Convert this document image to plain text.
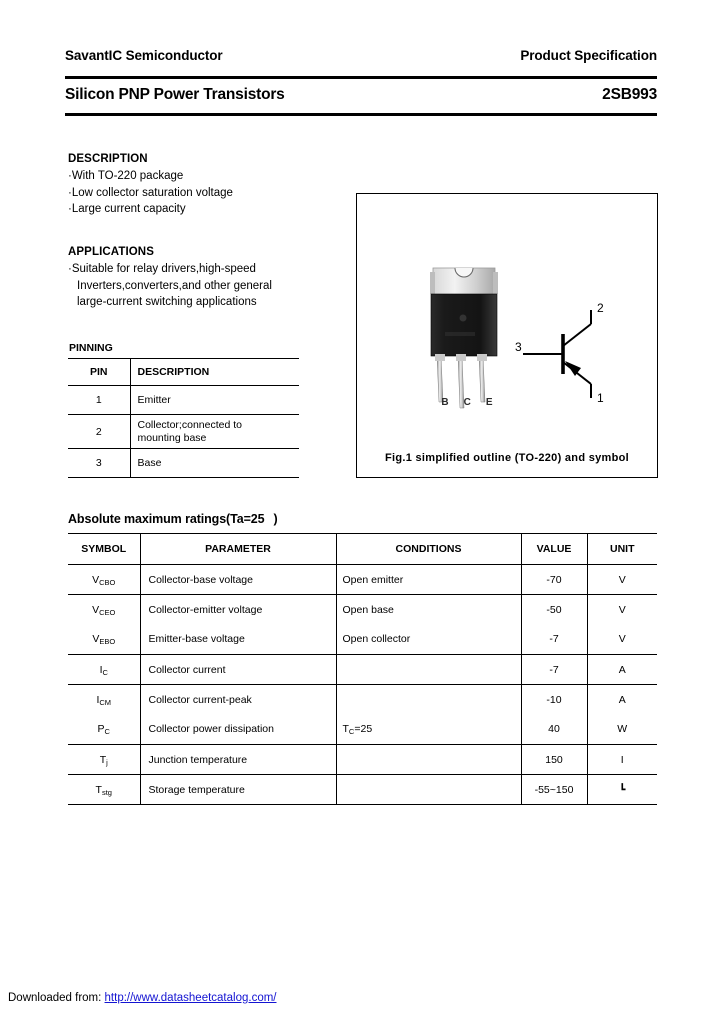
SavantIC Semiconductor	Product Specification
Silicon PNP Power Transistors	2SB993
DESCRIPTION
·With TO-220 package
·Low collector saturation voltage
·Large current capacity
APPLICATIONS
·Suitable for relay drivers,high-speed
Inverters,converters,and other general
large-current switching applications
PINNING
PIN	DESCRIPTION
1	Emitter
2	Collector;connected to
mounting base

3	Base
B C E
2
3
1
Fig.1 simplified outline (TO-220) and symbol
Absolute maximum ratings(Ta=25 )
SYMBOL	PARAMETER	CONDITIONS	VALUE	UNIT
$V_{CBO}$	Collector-base voltage	Open emitter	-70	V
$V_{CEO}$	Collector-emitter voltage	Open base	-50	V
$V_{EBO}$	Emitter-base voltage	Open collector	-7	V
$I_C$	Collector current		-7	A
$I_{CM}$	Collector current-peak		-10	A
$P_C$	Collector power dissipation	$T_C=25$	40	W
$T_j$	Junction temperature		150	I
$T_{stg}$	Storage temperature		-55~150	┗
Downloaded from: http://www.datasheetcatalog.com/
